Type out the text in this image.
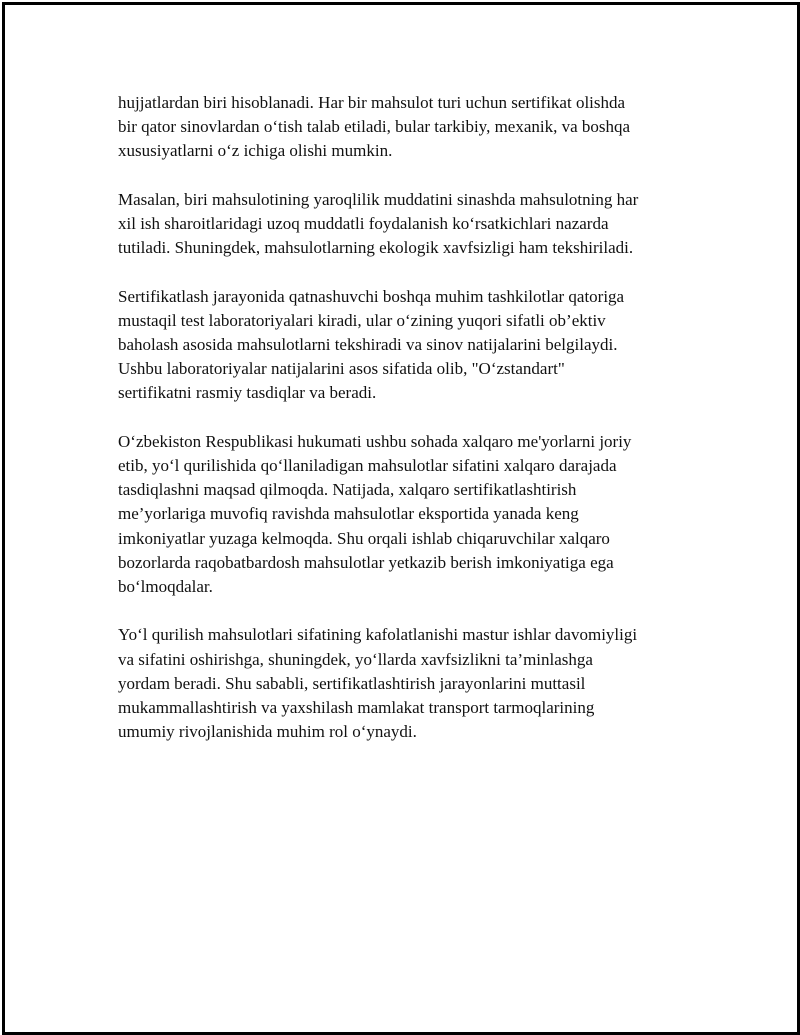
hujjatlardan biri hisoblanadi. Har bir mahsulot turi uchun sertifikat olishda
bir qator sinovlardan o‘tish talab etiladi, bular tarkibiy, mexanik, va boshqa
xususiyatlarni o‘z ichiga olishi mumkin.

Masalan, biri mahsulotining yaroqlilik muddatini sinashda mahsulotning har
xil ish sharoitlaridagi uzoq muddatli foydalanish ko‘rsatkichlari nazarda
tutiladi. Shuningdek, mahsulotlarning ekologik xavfsizligi ham tekshiriladi.

Sertifikatlash jarayonida qatnashuvchi boshqa muhim tashkilotlar qatoriga
mustaqil test laboratoriyalari kiradi, ular o‘zining yuqori sifatli ob’ektiv
baholash asosida mahsulotlarni tekshiradi va sinov natijalarini belgilaydi.
Ushbu laboratoriyalar natijalarini asos sifatida olib, "O‘zstandart"
sertifikatni rasmiy tasdiqlar va beradi.

O‘zbekiston Respublikasi hukumati ushbu sohada xalqaro me'yorlarni joriy
etib, yo‘l qurilishida qo‘llaniladigan mahsulotlar sifatini xalqaro darajada
tasdiqlashni maqsad qilmoqda. Natijada, xalqaro sertifikatlashtirish
me’yorlariga muvofiq ravishda mahsulotlar eksportida yanada keng
imkoniyatlar yuzaga kelmoqda. Shu orqali ishlab chiqaruvchilar xalqaro
bozorlarda raqobatbardosh mahsulotlar yetkazib berish imkoniyatiga ega
bo‘lmoqdalar.

Yo‘l qurilish mahsulotlari sifatining kafolatlanishi mastur ishlar davomiyligi
va sifatini oshirishga, shuningdek, yo‘llarda xavfsizlikni ta’minlashga
yordam beradi. Shu sababli, sertifikatlashtirish jarayonlarini muttasil
mukammallashtirish va yaxshilash mamlakat transport tarmoqlarining
umumiy rivojlanishida muhim rol o‘ynaydi.
